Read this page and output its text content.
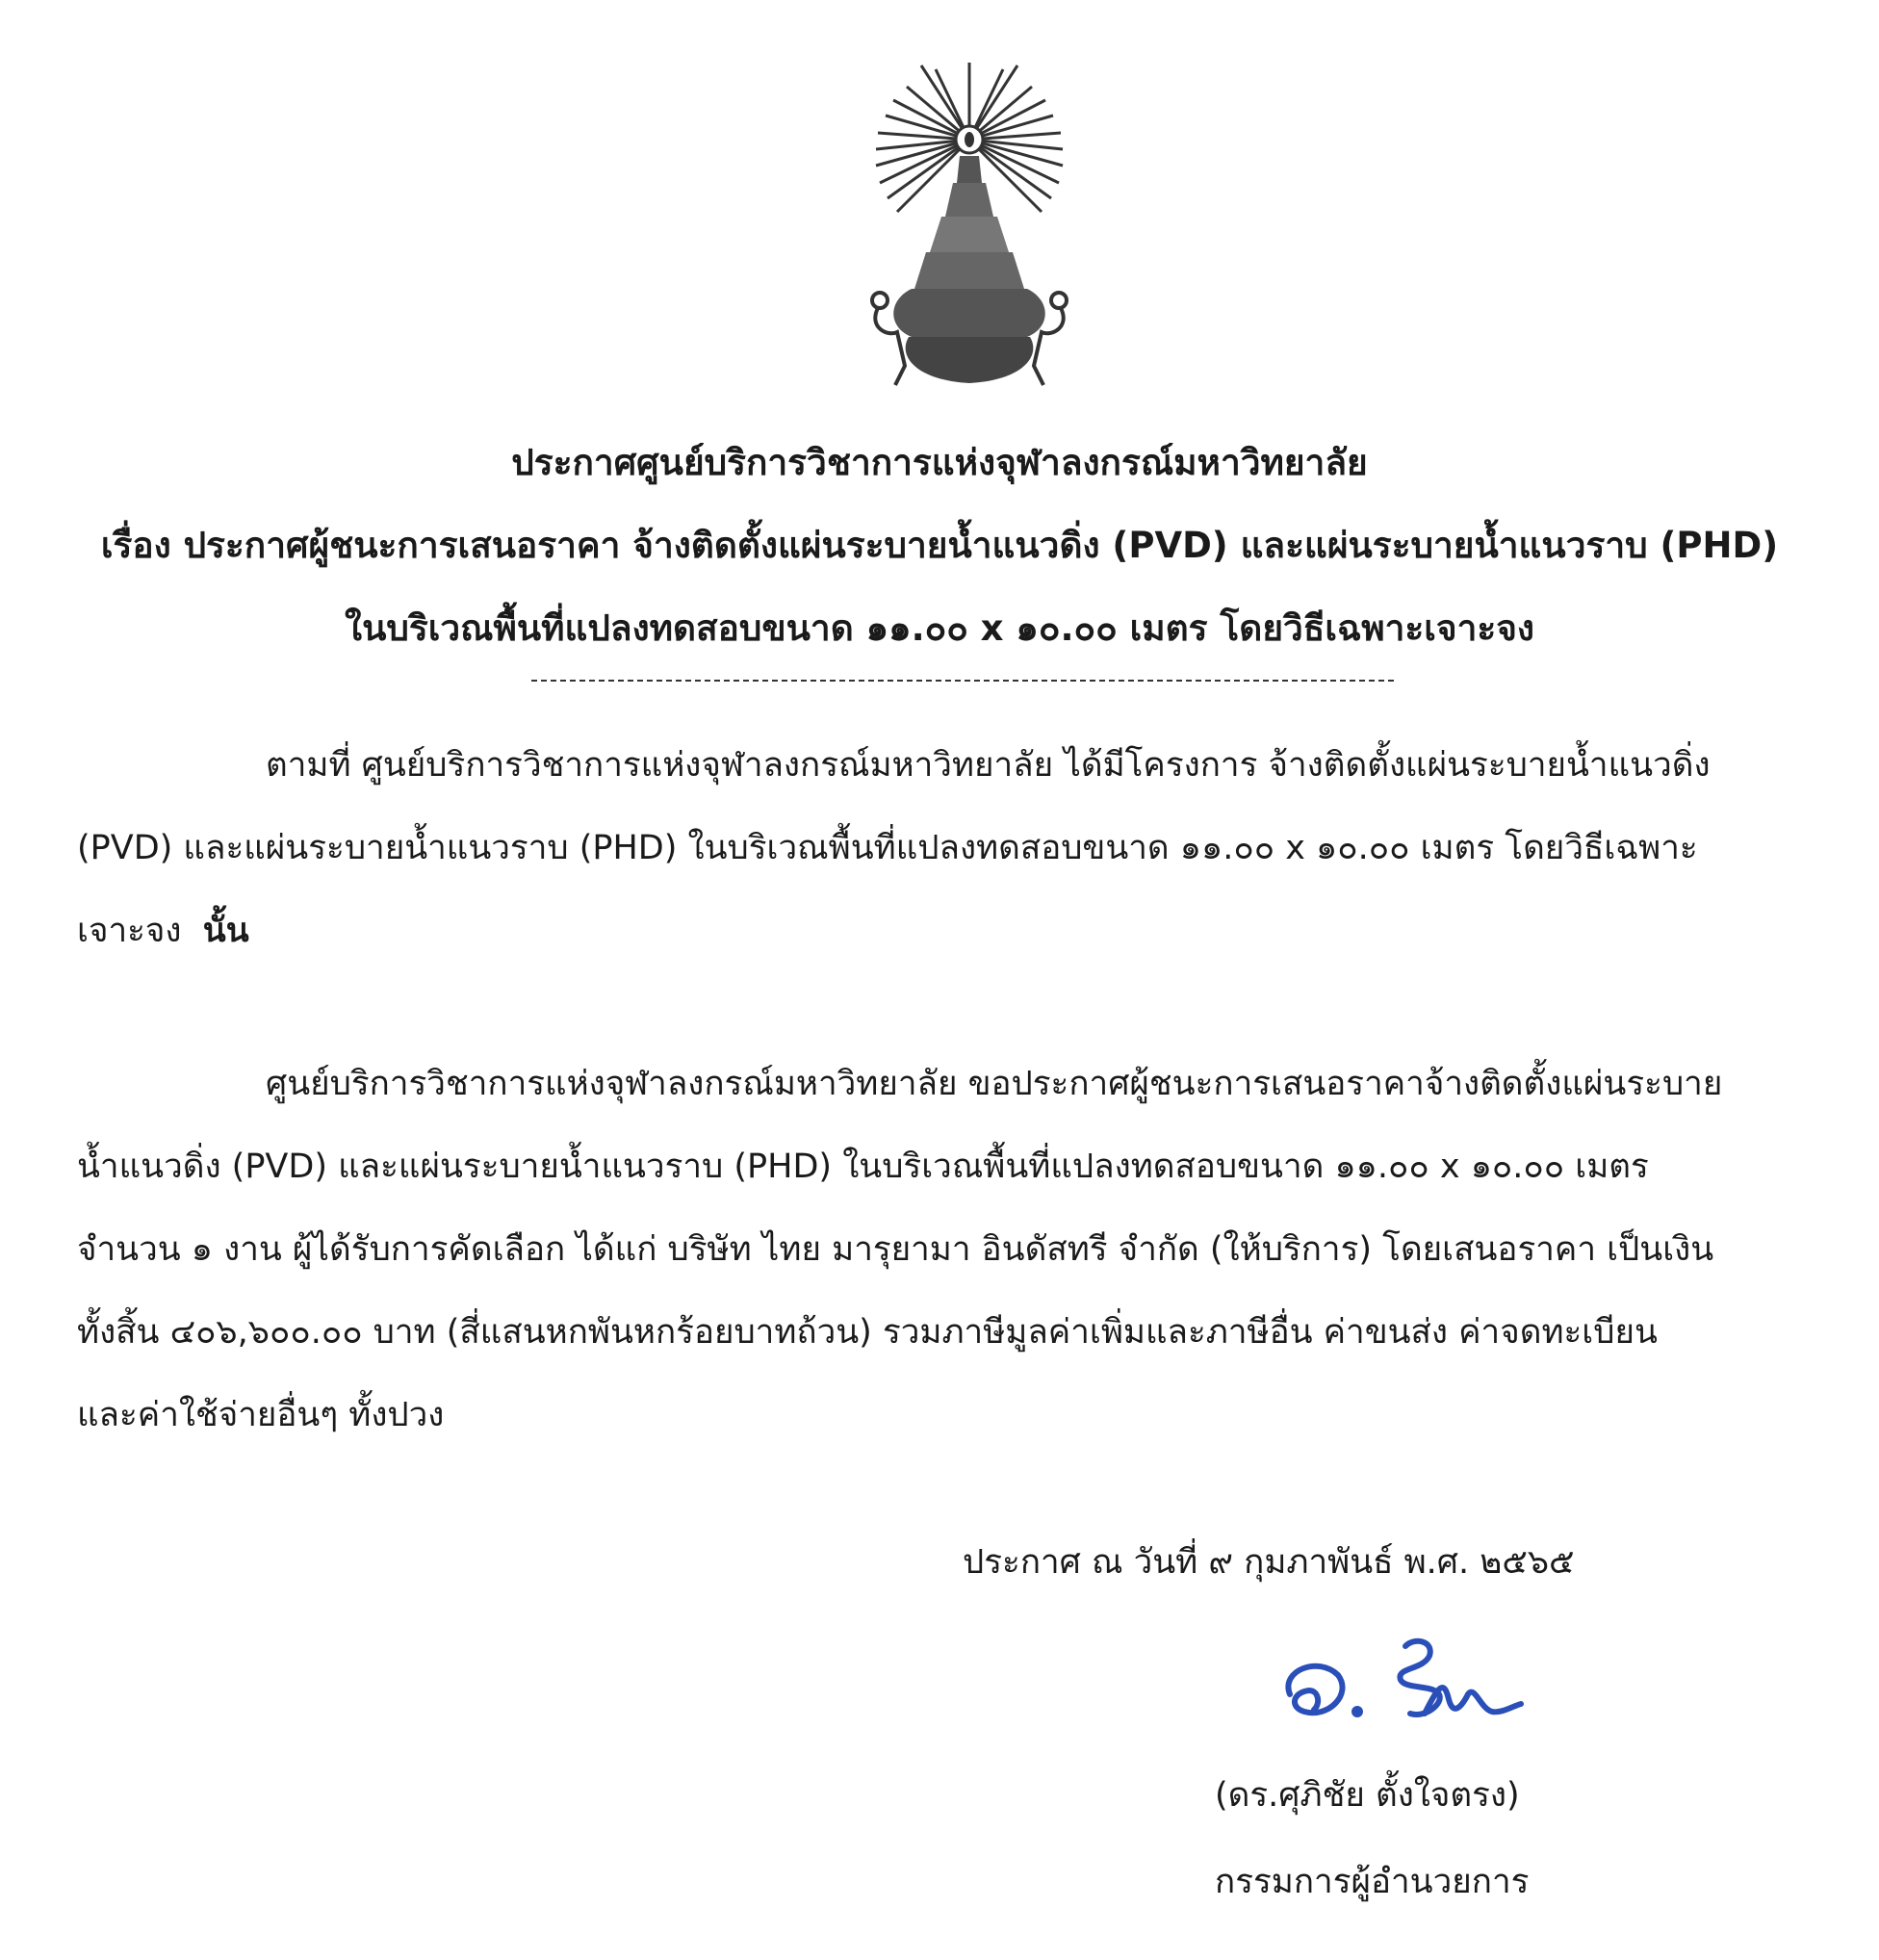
ประกาศศูนย์บริการวิชาการแห่งจุฬาลงกรณ์มหาวิทยาลัย
เรื่อง ประกาศผู้ชนะการเสนอราคา จ้างติดตั้งแผ่นระบายน้ำแนวดิ่ง (PVD) และแผ่นระบายน้ำแนวราบ (PHD)
ในบริเวณพื้นที่แปลงทดสอบขนาด ๑๑.๐๐ x ๑๐.๐๐ เมตร โดยวิธีเฉพาะเจาะจง
ตามที่ ศูนย์บริการวิชาการแห่งจุฬาลงกรณ์มหาวิทยาลัย ได้มีโครงการ จ้างติดตั้งแผ่นระบายน้ำแนวดิ่ง
(PVD) และแผ่นระบายน้ำแนวราบ (PHD) ในบริเวณพื้นที่แปลงทดสอบขนาด ๑๑.๐๐ x ๑๐.๐๐ เมตร โดยวิธีเฉพาะ
เจาะจง นั้น
ศูนย์บริการวิชาการแห่งจุฬาลงกรณ์มหาวิทยาลัย ขอประกาศผู้ชนะการเสนอราคาจ้างติดตั้งแผ่นระบาย
น้ำแนวดิ่ง (PVD) และแผ่นระบายน้ำแนวราบ (PHD) ในบริเวณพื้นที่แปลงทดสอบขนาด ๑๑.๐๐ x ๑๐.๐๐ เมตร
จำนวน ๑ งาน ผู้ได้รับการคัดเลือก ได้แก่ บริษัท ไทย มารุยามา อินดัสทรี จำกัด (ให้บริการ) โดยเสนอราคา เป็นเงิน
ทั้งสิ้น ๔๐๖,๖๐๐.๐๐ บาท (สี่แสนหกพันหกร้อยบาทถ้วน) รวมภาษีมูลค่าเพิ่มและภาษีอื่น ค่าขนส่ง ค่าจดทะเบียน
และค่าใช้จ่ายอื่นๆ ทั้งปวง
ประกาศ ณ วันที่ ๙ กุมภาพันธ์ พ.ศ. ๒๕๖๕
(ดร.ศุภิชัย ตั้งใจตรง)
กรรมการผู้อำนวยการ
